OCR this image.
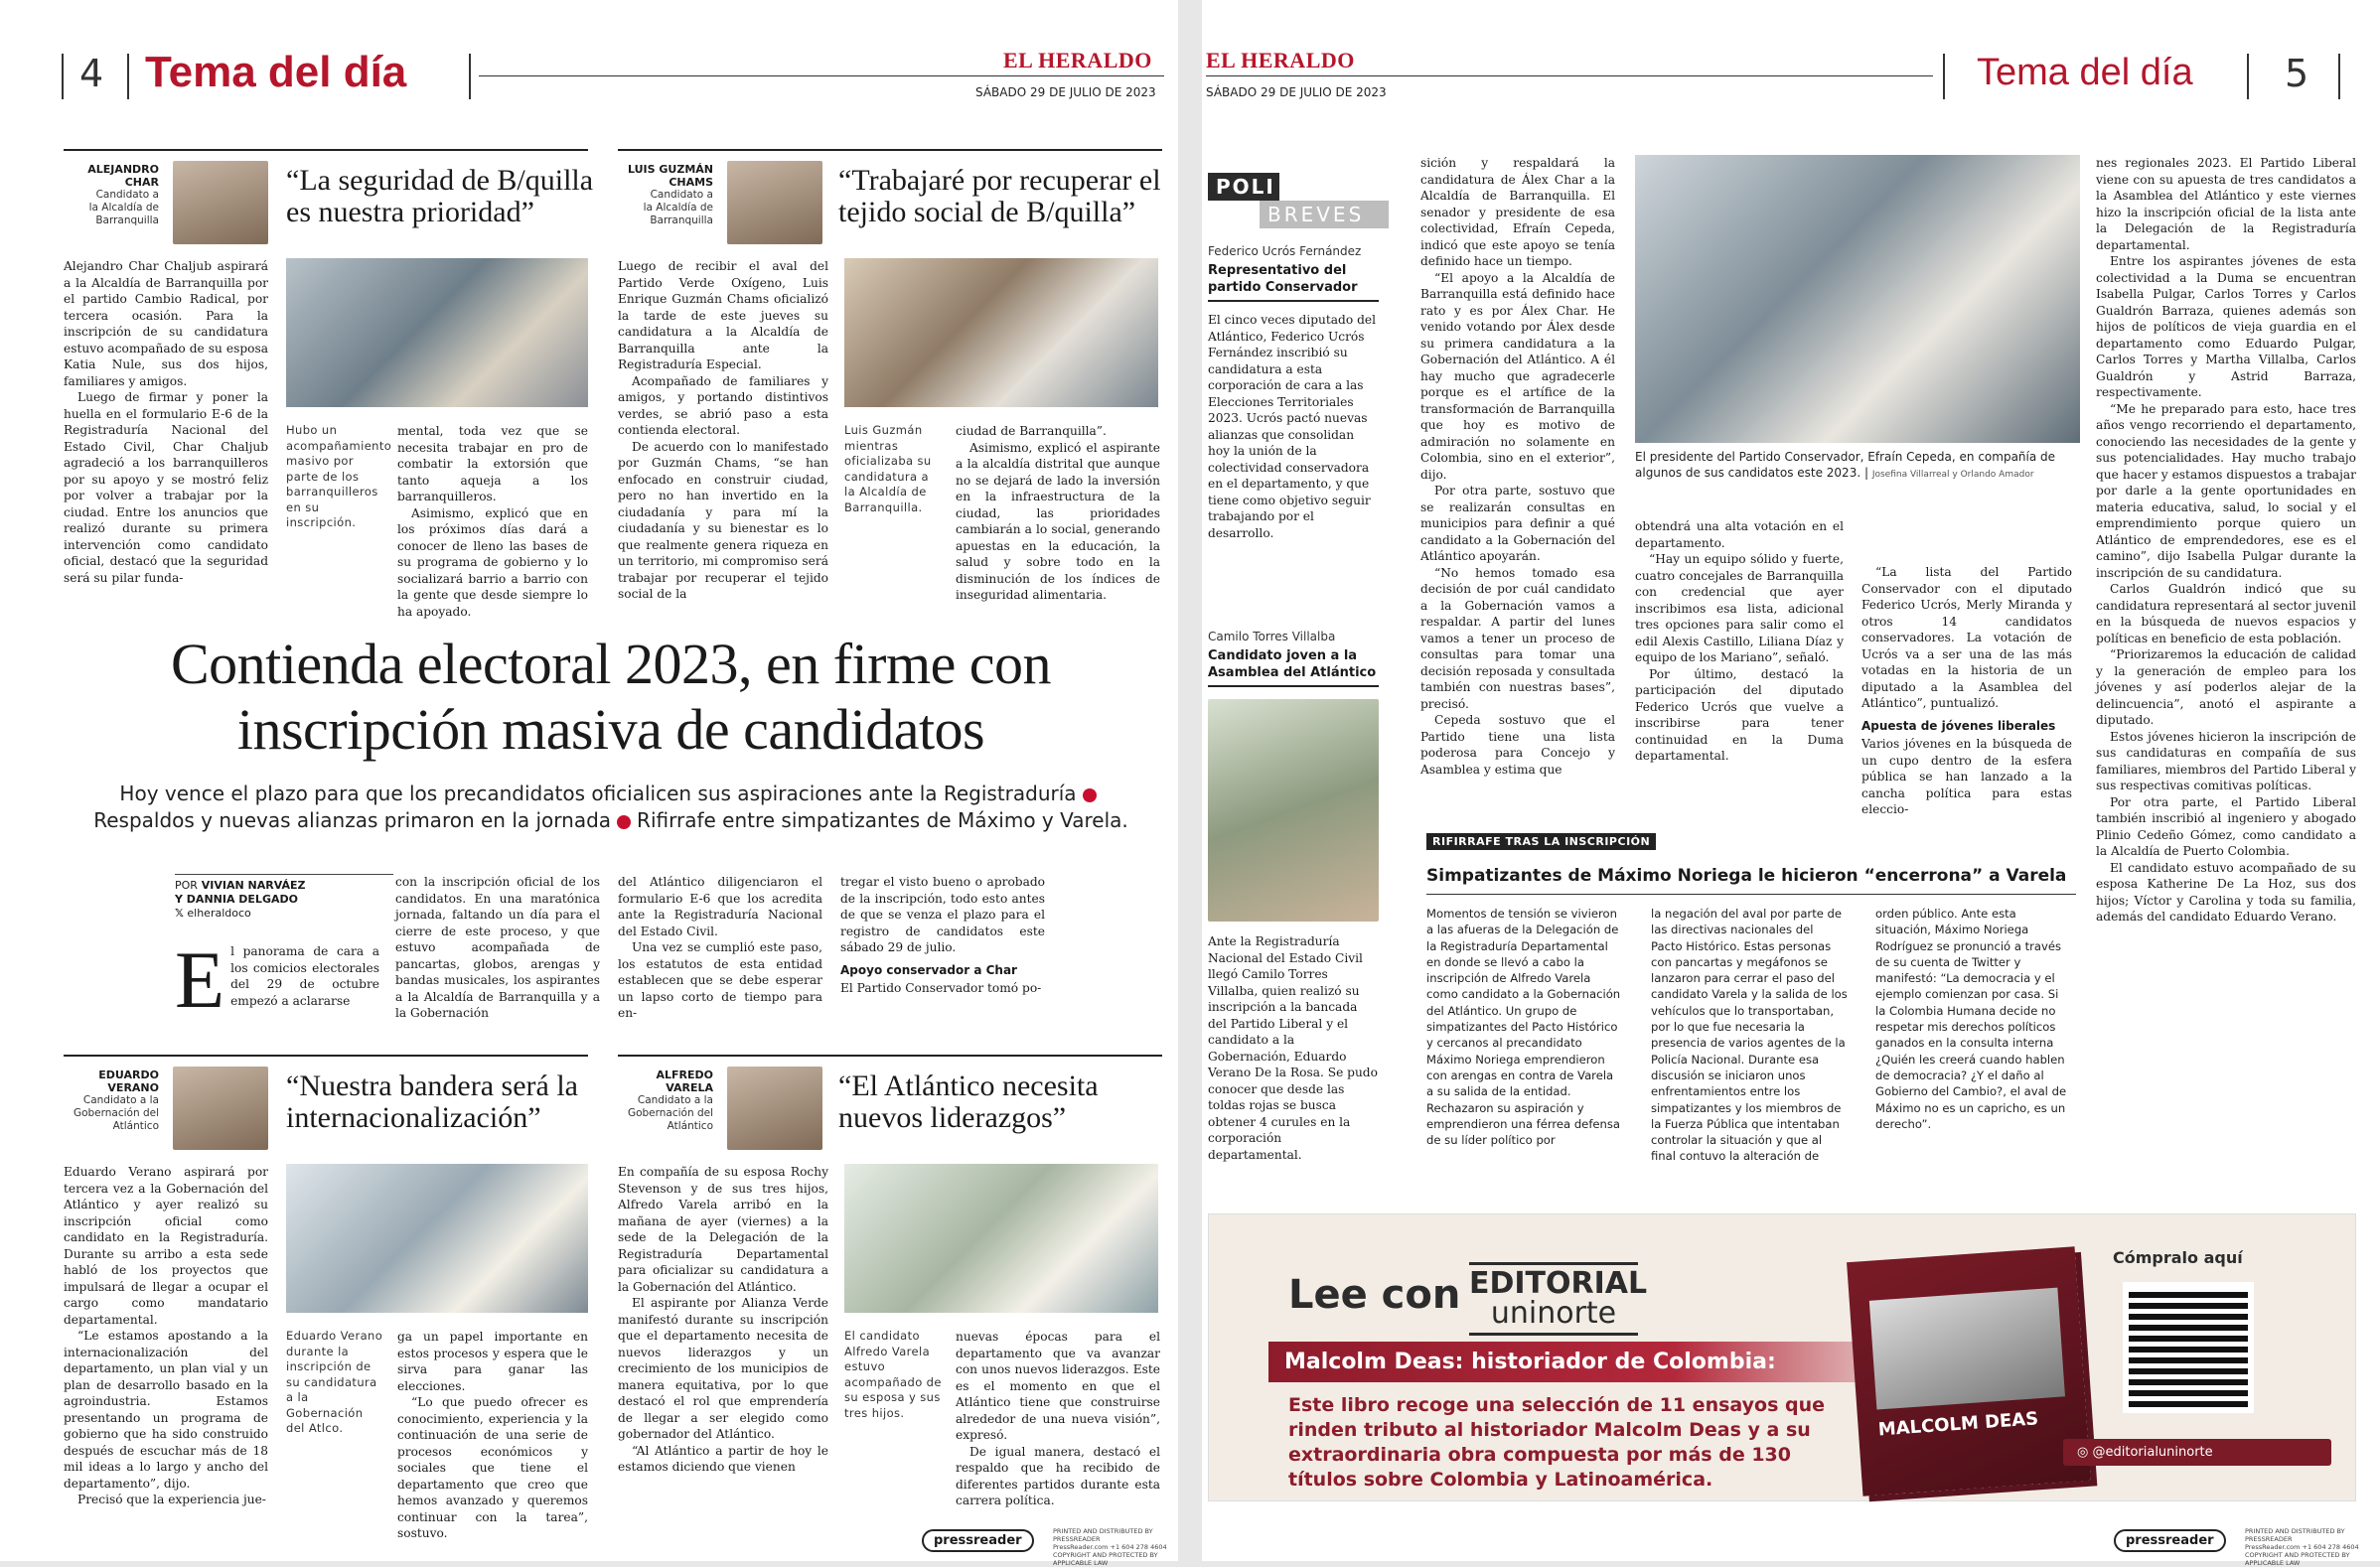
4 Tema del día	EL HERALDO
SÁBADO 29 DE JULIO DE 2023
ALEJANDRO
CHAR
Candidato a
la Alcaldía de
Barranquilla
“La seguridad de B/quilla es nuestra prioridad”

Alejandro Char Chaljub aspirará a la Alcaldía de Barranquilla por el partido Cambio Radical, por tercera ocasión. Para la inscripción de su candidatura estuvo acompañado de su esposa Katia Nule, sus dos hijos, familiares y amigos.

Luego de firmar y poner la huella en el formulario E-6 de la Registraduría Nacional del Estado Civil, Char Chaljub agradeció a los barranquilleros por su apoyo y se mostró feliz por volver a trabajar por la ciudad. Entre los anuncios que realizó durante su primera intervención como candidato oficial, destacó que la seguridad será su pilar funda-

Hubo un acompañamiento masivo por parte de los barranquilleros en su inscripción.

mental, toda vez que se necesita trabajar en pro de combatir la extorsión que tanto aqueja a los barranquilleros.

Asimismo, explicó que en los próximos días dará a conocer de lleno las bases de su programa de gobierno y lo socializará barrio a barrio con la gente que desde siempre lo ha apoyado.

LUIS GUZMÁN
CHAMS
Candidato a
la Alcaldía de
Barranquilla
“Trabajaré por recuperar el tejido social de B/quilla”

Luego de recibir el aval del Partido Verde Oxígeno, Luis Enrique Guzmán Chams oficializó la tarde de este jueves su candidatura a la Alcaldía de Barranquilla ante la Registraduría Especial.

Acompañado de familiares y amigos, y portando distintivos verdes, se abrió paso a esta contienda electoral.

De acuerdo con lo manifestado por Guzmán Chams, “se han enfocado en construir ciudad, pero no han invertido en la ciudadanía y para mí la ciudadanía y su bienestar es lo que realmente genera riqueza en un territorio, mi compromiso será trabajar por recuperar el tejido social de la

Luis Guzmán mientras oficializaba su candidatura a la Alcaldía de Barranquilla.

ciudad de Barranquilla”.

Asimismo, explicó el aspirante a la alcaldía distrital que aunque no se dejará de lado la inversión en la infraestructura de la ciudad, las prioridades cambiarán a lo social, generando apuestas en la educación, la salud y sobre todo en la disminución de los índices de inseguridad alimentaria.

Contienda electoral 2023, en firme con inscripción masiva de candidatos
Hoy vence el plazo para que los precandidatos oficialicen sus aspiraciones ante la Registraduría
Respaldos y nuevas alianzas primaron en la jornada Rifirrafe entre simpatizantes de Máximo y Varela.
POR VIVIAN NARVÁEZ
Y DANNIA DELGADO
𝕏 elheraldoco
El panorama de cara a los comicios electorales del 29 de octubre empezó a aclararse

con la inscripción oficial de los candidatos. En una maratónica jornada, faltando un día para el cierre de este proceso, y que estuvo acompañada de pancartas, globos, arengas y bandas musicales, los aspirantes a la Alcaldía de Barranquilla y a la Gobernación

del Atlántico diligenciaron el formulario E-6 que los acredita ante la Registraduría Nacional del Estado Civil.

Una vez se cumplió este paso, los estatutos de esta entidad establecen que se debe esperar un lapso corto de tiempo para en-

tregar el visto bueno o aprobado de la inscripción, todo esto antes de que se venza el plazo para el registro de candidatos este sábado 29 de julio.

Apoyo conservador a Char

El Partido Conservador tomó po-

EDUARDO
VERANO
Candidato a la
Gobernación del
Atlántico
“Nuestra bandera será la internacionalización”

Eduardo Verano aspirará por tercera vez a la Gobernación del Atlántico y ayer realizó su inscripción oficial como candidato en la Registraduría. Durante su arribo a esta sede habló de los proyectos que impulsará de llegar a ocupar el cargo como mandatario departamental.

“Le estamos apostando a la internacionalización del departamento, un plan vial y un plan de desarrollo basado en la agroindustria. Estamos presentando un programa de gobierno que ha sido construido después de escuchar más de 18 mil ideas a lo largo y ancho del departamento”, dijo.

Precisó que la experiencia jue-

Eduardo Verano durante la inscripción de su candidatura a la Gobernación del Atlco.

ga un papel importante en estos procesos y espera que le sirva para ganar las elecciones.

“Lo que puedo ofrecer es conocimiento, experiencia y la continuación de una serie de procesos económicos y sociales que tiene el departamento que creo que hemos avanzado y queremos continuar con la tarea”, sostuvo.

ALFREDO
VARELA
Candidato a la
Gobernación del
Atlántico
“El Atlántico necesita nuevos liderazgos”

En compañía de su esposa Rochy Stevenson y de sus tres hijos, Alfredo Varela arribó en la mañana de ayer (viernes) a la sede de la Delegación de la Registraduría Departamental para oficializar su candidatura a la Gobernación del Atlántico.

El aspirante por Alianza Verde manifestó durante su inscripción que el departamento necesita de nuevos liderazgos y un crecimiento de los municipios de manera equitativa, por lo que destacó el rol que emprendería de llegar a ser elegido como gobernador del Atlántico.

“Al Atlántico a partir de hoy le estamos diciendo que vienen

El candidato Alfredo Varela estuvo acompañado de su esposa y sus tres hijos.

nuevas épocas para el departamento que va avanzar con unos nuevos liderazgos. Este es el momento en que el Atlántico tiene que construirse alrededor de una nueva visión”, expresó.

De igual manera, destacó el respaldo que ha recibido de diferentes partidos durante esta carrera política.

pressreader
PRINTED AND DISTRIBUTED BY PRESSREADER
PressReader.com +1 604 278 4604
COPYRIGHT AND PROTECTED BY APPLICABLE LAW
EL HERALDO
SÁBADO 29 DE JULIO DE 2023	Tema del día 5
POLI
BREVES
Federico Ucrós Fernández
Representativo del partido Conservador
El cinco veces diputado del Atlántico, Federico Ucrós Fernández inscribió su candidatura a esta corporación de cara a las Elecciones Territoriales 2023. Ucrós pactó nuevas alianzas que consolidan hoy la unión de la colectividad conservadora en el departamento, y que tiene como objetivo seguir trabajando por el desarrollo.
Camilo Torres Villalba
Candidato joven a la Asamblea del Atlántico
Ante la Registraduría Nacional del Estado Civil llegó Camilo Torres Villalba, quien realizó su inscripción a la bancada del Partido Liberal y el candidato a la Gobernación, Eduardo Verano De la Rosa. Se pudo conocer que desde las toldas rojas se busca obtener 4 curules en la corporación departamental.

sición y respaldará la candidatura de Álex Char a la Alcaldía de Barranquilla. El senador y presidente de esa colectividad, Efraín Cepeda, indicó que este apoyo se tenía definido hace un tiempo.

“El apoyo a la Alcaldía de Barranquilla está definido hace rato y es por Álex Char. He venido votando por Álex desde su primera candidatura a la Gobernación del Atlántico. A él hay mucho que agradecerle porque es el artífice de la transformación de Barranquilla que hoy es motivo de admiración no solamente en Colombia, sino en el exterior”, dijo.

Por otra parte, sostuvo que se realizarán consultas en municipios para definir a qué candidato a la Gobernación del Atlántico apoyarán.

“No hemos tomado esa decisión de por cuál candidato a la Gobernación vamos a respaldar. A partir del lunes vamos a tener un proceso de consultas para tomar una decisión reposada y consultada también con nuestras bases”, precisó.

Cepeda sostuvo que el Partido tiene una lista poderosa para Concejo y Asamblea y estima que

El presidente del Partido Conservador, Efraín Cepeda, en compañía de algunos de sus candidatos este 2023. | Josefina Villarreal y Orlando Amador

obtendrá una alta votación en el departamento.

“Hay un equipo sólido y fuerte, cuatro concejales de Barranquilla con credencial que ayer inscribimos esa lista, adicional tres opciones para salir como el edil Alexis Castillo, Liliana Díaz y equipo de los Mariano”, señaló.

Por último, destacó la participación del diputado Federico Ucrós que vuelve a inscribirse para tener continuidad en la Duma departamental.

“La lista del Partido Conservador con el diputado Federico Ucrós, Merly Miranda y otros 14 candidatos conservadores. La votación de Ucrós va a ser una de las más votadas en la historia de un diputado a la Asamblea del Atlántico”, puntualizó.

Apuesta de jóvenes liberales

Varios jóvenes en la búsqueda de un cupo dentro de la esfera pública se han lanzado a la cancha política para estas eleccio-

nes regionales 2023. El Partido Liberal viene con su apuesta de tres candidatos a la Asamblea del Atlántico y este viernes hizo la inscripción oficial de la lista ante la Delegación de la Registraduría departamental.

Entre los aspirantes jóvenes de esta colectividad a la Duma se encuentran Isabella Pulgar, Carlos Torres y Carlos Gualdrón Barraza, quienes además son hijos de políticos de vieja guardia en el departamento como Eduardo Pulgar, Carlos Torres y Martha Villalba, Carlos Gualdrón y Astrid Barraza, respectivamente.

“Me he preparado para esto, hace tres años vengo recorriendo el departamento, conociendo las necesidades de la gente y sus potencialidades. Hay mucho trabajo que hacer y estamos dispuestos a trabajar por darle a la gente oportunidades en materia educativa, salud, lo social y el emprendimiento porque quiero un Atlántico de emprendedores, ese es el camino”, dijo Isabella Pulgar durante la inscripción de su candidatura.

Carlos Gualdrón indicó que su candidatura representará al sector juvenil en la búsqueda de nuevos espacios y políticas en beneficio de esta población.

“Priorizaremos la educación de calidad y la generación de empleo para los jóvenes y así poderlos alejar de la delincuencia”, anotó el aspirante a diputado.

Estos jóvenes hicieron la inscripción de sus candidaturas en compañía de sus familiares, miembros del Partido Liberal y sus respectivas comitivas políticas.

Por otra parte, el Partido Liberal también inscribió al ingeniero y abogado Plinio Cedeño Gómez, como candidato a la Alcaldía de Puerto Colombia.

El candidato estuvo acompañado de su esposa Katherine De La Hoz, sus dos hijos; Víctor y Carolina y toda su familia, además del candidato Eduardo Verano.

RIFIRRAFE TRAS LA INSCRIPCIÓN
Simpatizantes de Máximo Noriega le hicieron “encerrona” a Varela
Momentos de tensión se vivieron a las afueras de la Delegación de la Registraduría Departamental en donde se llevó a cabo la inscripción de Alfredo Varela como candidato a la Gobernación del Atlántico. Un grupo de simpatizantes del Pacto Histórico y cercanos al precandidato Máximo Noriega emprendieron con arengas en contra de Varela a su salida de la entidad. Rechazaron su aspiración y emprendieron una férrea defensa de su líder político por
la negación del aval por parte de las directivas nacionales del Pacto Histórico. Estas personas con pancartas y megáfonos se lanzaron para cerrar el paso del candidato Varela y la salida de los vehículos que lo transportaban, por lo que fue necesaria la presencia de varios agentes de la Policía Nacional. Durante esa discusión se iniciaron unos enfrentamientos entre los simpatizantes y los miembros de la Fuerza Pública que intentaban controlar la situación y que al final contuvo la alteración de
orden público. Ante esta situación, Máximo Noriega Rodríguez se pronunció a través de su cuenta de Twitter y manifestó: “La democracia y el ejemplo comienzan por casa. Si la Colombia Humana decide no respetar mis derechos políticos ganados en la consulta interna ¿Quién les creerá cuando hablen de democracia? ¿Y el daño al Gobierno del Cambio?, el aval de Máximo no es un capricho, es un derecho”.
Lee con EDITORIAL
uninorte
Malcolm Deas: historiador de Colombia:
Este libro recoge una selección de 11 ensayos que rinden tributo al historiador Malcolm Deas y a su extraordinaria obra compuesta por más de 130 títulos sobre Colombia y Latinoamérica.
MALCOLM DEAS
Cómpralo aquí
◎ @editorialuninorte
pressreader
PRINTED AND DISTRIBUTED BY PRESSREADER
PressReader.com +1 604 278 4604
COPYRIGHT AND PROTECTED BY APPLICABLE LAW
